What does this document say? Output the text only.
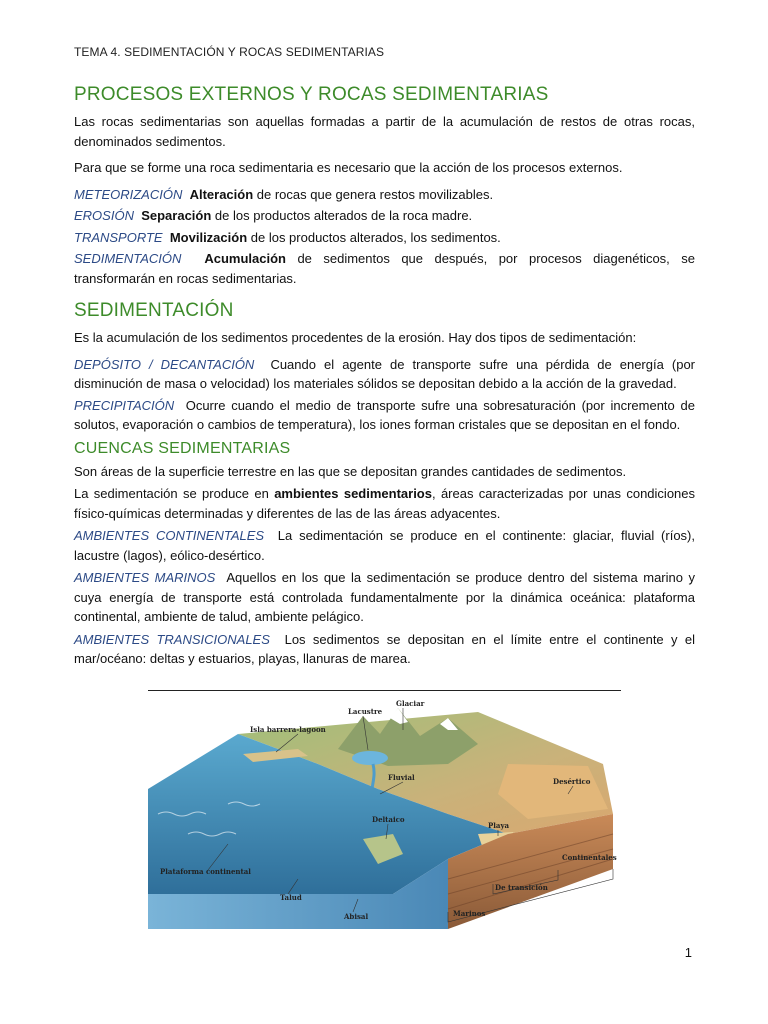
TEMA 4. SEDIMENTACIÓN Y ROCAS SEDIMENTARIAS
PROCESOS EXTERNOS Y ROCAS SEDIMENTARIAS

Las rocas sedimentarias son aquellas formadas a partir de la acumulación de restos de otras rocas, denominados sedimentos.

Para que se forme una roca sedimentaria es necesario que la acción de los procesos externos.

METEORIZACIÓN Alteración de rocas que genera restos movilizables.

EROSIÓN Separación de los productos alterados de la roca madre.

TRANSPORTE Movilización de los productos alterados, los sedimentos.

SEDIMENTACIÓN Acumulación de sedimentos que después, por procesos diagenéticos, se transformarán en rocas sedimentarias.

SEDIMENTACIÓN

Es la acumulación de los sedimentos procedentes de la erosión. Hay dos tipos de sedimentación:

DEPÓSITO / DECANTACIÓN Cuando el agente de transporte sufre una pérdida de energía (por disminución de masa o velocidad) los materiales sólidos se depositan debido a la acción de la gravedad.

PRECIPITACIÓN Ocurre cuando el medio de transporte sufre una sobresaturación (por incremento de solutos, evaporación o cambios de temperatura), los iones forman cristales que se depositan en el fondo.

CUENCAS SEDIMENTARIAS

Son áreas de la superficie terrestre en las que se depositan grandes cantidades de sedimentos.

La sedimentación se produce en ambientes sedimentarios, áreas caracterizadas por unas condiciones físico-químicas determinadas y diferentes de las de las áreas adyacentes.

AMBIENTES CONTINENTALES La sedimentación se produce en el continente: glaciar, fluvial (ríos), lacustre (lagos), eólico-desértico.

AMBIENTES MARINOS Aquellos en los que la sedimentación se produce dentro del sistema marino y cuya energía de transporte está controlada fundamentalmente por la dinámica oceánica: plataforma continental, ambiente de talud, ambiente pelágico.

AMBIENTES TRANSICIONALES Los sedimentos se depositan en el límite entre el continente y el mar/océano: deltas y estuarios, playas, llanuras de marea.

Glaciar
Lacustre
Isla barrera-lagoon
Fluvial	Desértico
Deltaico
Playa
Plataforma continental
Talud
Abisal
Continentales
De transición
Marinos
1
